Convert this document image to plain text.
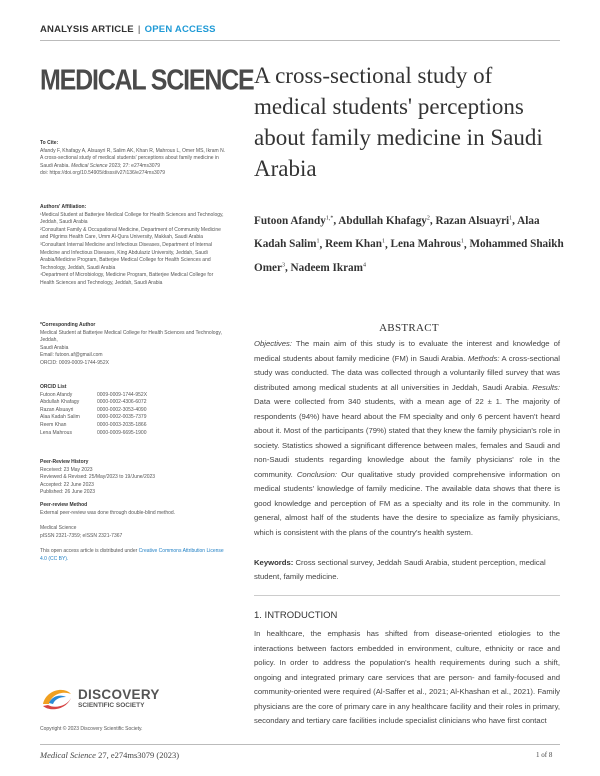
ANALYSIS ARTICLE | OPEN ACCESS
MEDICAL SCIENCE A cross-sectional study of medical students' perceptions about family medicine in Saudi Arabia
To Cite:
Afandy F, Khafagy A, Alsuayri R, Salim AK, Khan R, Mahrous L, Omer MS, Ikram N. A cross-sectional study of medical students' perceptions about family medicine in Saudi Arabia. Medical Science 2023; 27: e274ms3079
doi: https://doi.org/10.54905/disssi/v27i136/e274ms3079
Authors' Affiliation:
¹Medical Student at Batterjee Medical College for Health Sciences and Technology, Jeddah, Saudi Arabia
²Consultant Family & Occupational Medicine, Department of Community Medicine and Pilgrims Health Care, Umm Al-Qura University, Makkah, Saudi Arabia
³Consultant Internal Medicine and Infectious Diseases, Department of Internal Medicine and Infectious Diseases, King Abdulaziz University, Jeddah, Saudi Arabia/Medicine Program, Batterjee Medical College for Health Sciences and Technology, Jeddah, Saudi Arabia
⁴Department of Microbiology, Medicine Program, Batterjee Medical College for Health Sciences and Technology, Jeddah, Saudi Arabia
*Corresponding Author
Medical Student at Batterjee Medical College for Health Sciences and Technology, Jeddah,
Saudi Arabia
Email: futoon.af@gmail.com
ORCID: 0009-0009-1744-952X
ORCID List
Futoon Afandy	0009-0009-1744-952X
Abdullah Khafagy	0000-0002-4306-6072
Razan Alsuayri	0000-0002-3053-4090
Alaa Kadah Salim	0000-0002-0035-7379
Reem Khan	0000-0003-2035-1866
Lena Mahrous	0000-0009-6695-1900
Peer-Review History
Received: 23 May 2023
Reviewed & Revised: 25/May/2023 to 19/June/2023
Accepted: 22 June 2023
Published: 26 June 2023
Peer-review Method
External peer-review was done through double-blind method.
Medical Science
pISSN 2321-7359; eISSN 2321-7367
This open access article is distributed under Creative Commons Attribution License 4.0 (CC BY).
DISCOVERY
SCIENTIFIC SOCIETY
Copyright © 2023 Discovery Scientific Society.
Futoon Afandy$^{1,*}$, Abdullah Khafagy$^2$, Razan Alsuayri$^1$, Alaa Kadah Salim$^1$, Reem Khan$^1$, Lena Mahrous$^1$, Mohammed Shaikh Omer$^3$, Nadeem Ikram$^4$
ABSTRACT
Objectives: The main aim of this study is to evaluate the interest and knowledge of medical students about family medicine (FM) in Saudi Arabia. Methods: A cross-sectional study was conducted. The data was collected through a voluntarily filled survey that was distributed among medical students at all universities in Jeddah, Saudi Arabia. Results: Data were collected from 340 students, with a mean age of 22 ± 1. The majority of respondents (94%) have heard about the FM specialty and only 6 percent haven't heard about it. Most of the participants (79%) stated that they knew the family physician's role in society. Statistics showed a significant difference between males, females and Saudi and non-Saudi students regarding knowledge about the family physicians' role in the community. Conclusion: Our qualitative study provided comprehensive information on medical students' knowledge of family medicine. The available data shows that there is good knowledge and perception of FM as a specialty and its role in the community. In general, almost half of the students have the desire to specialize as family physicians, which is consistent with the plans of the country's health system.
Keywords: Cross sectional survey, Jeddah Saudi Arabia, student perception, medical student, family medicine.
1. INTRODUCTION
In healthcare, the emphasis has shifted from disease-oriented etiologies to the interactions between factors embedded in environment, culture, ethnicity or race and policy. In order to address the population's health requirements during such a shift, ongoing and integrated primary care services that are person- and family-focused and community-oriented were required (Al-Saffer et al., 2021; Al-Khashan et al., 2021). Family physicians are the core of primary care in any healthcare facility and their roles in primary, secondary and tertiary care facilities include specialist clinicians who have first contact
Medical Science 27, e274ms3079 (2023)	1 of 8
